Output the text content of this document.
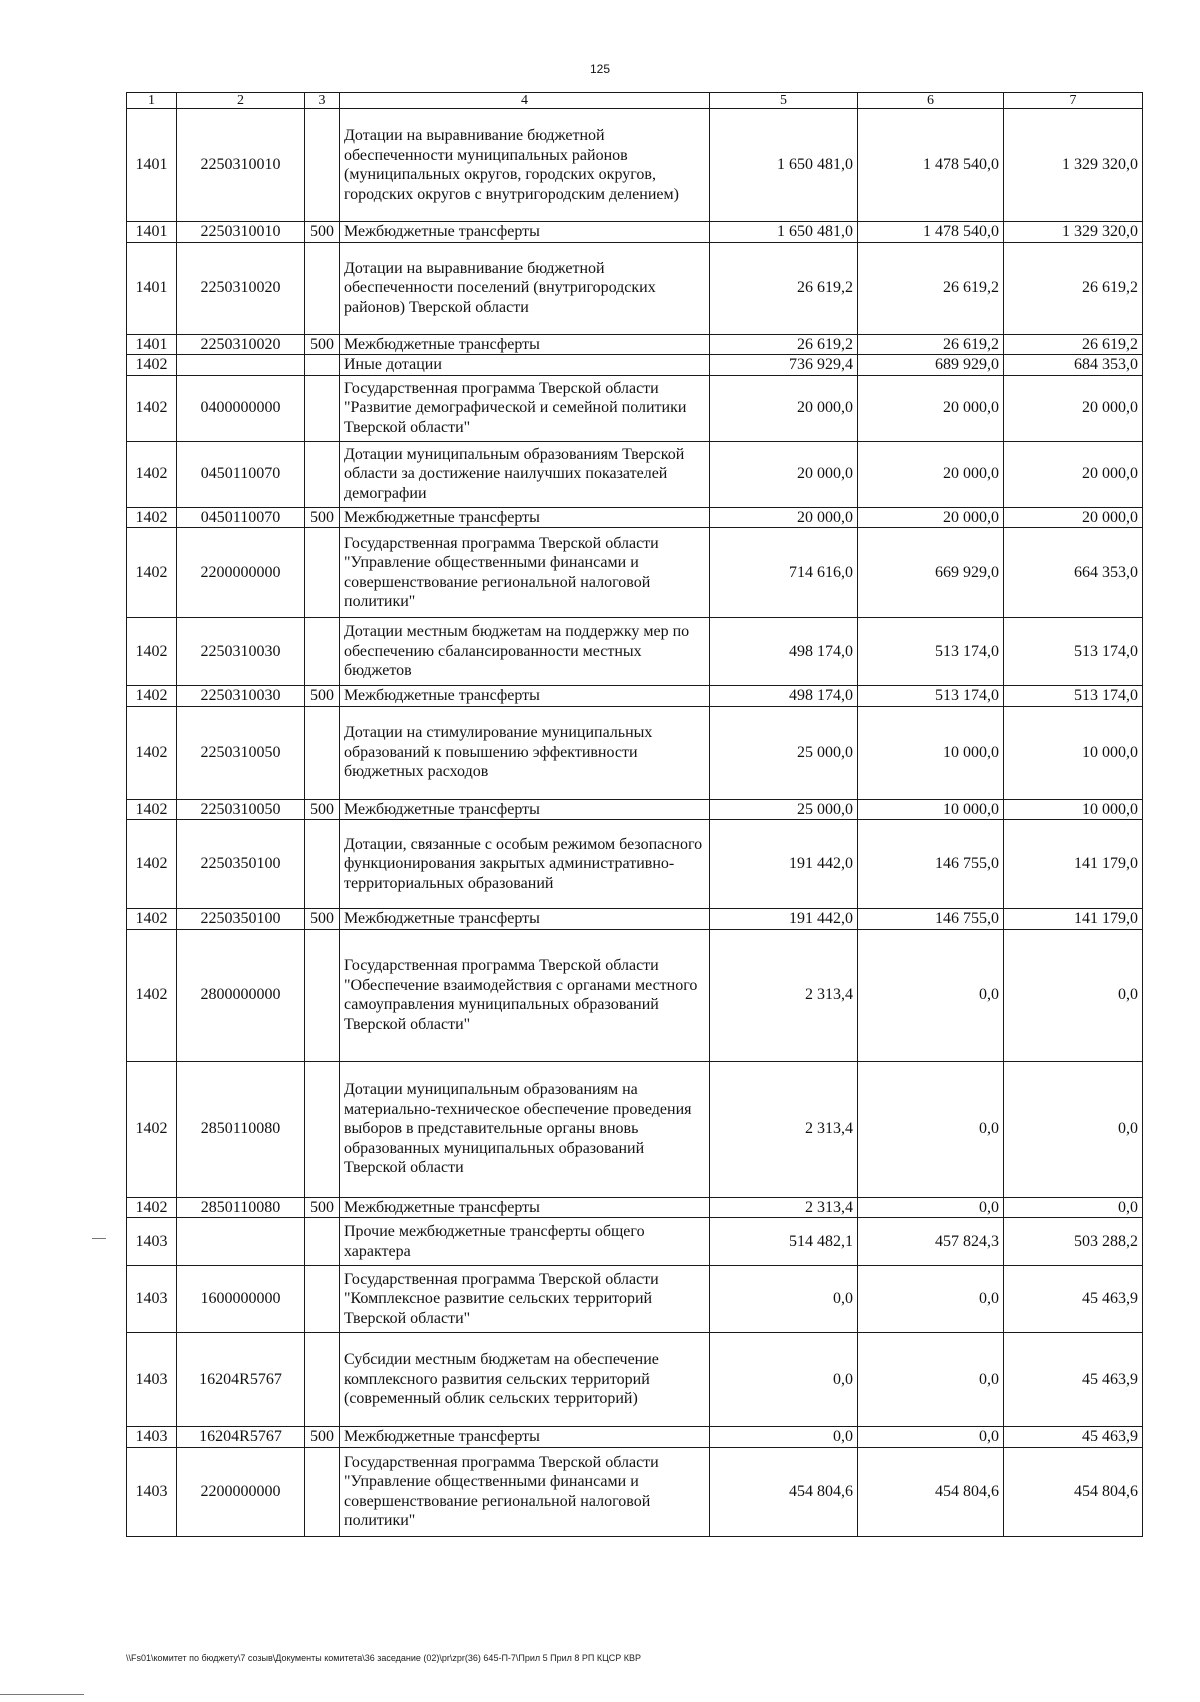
125
1	2	3	4	5	6	7
1401	2250310010		Дотации на выравнивание бюджетной обеспеченности муниципальных районов (муниципальных округов, городских округов, городских округов с внутригородским делением)	1 650 481,0	1 478 540,0	1 329 320,0
1401	2250310010	500	Межбюджетные трансферты	1 650 481,0	1 478 540,0	1 329 320,0
1401	2250310020		Дотации на выравнивание бюджетной обеспеченности поселений (внутригородских районов) Тверской области	26 619,2	26 619,2	26 619,2
1401	2250310020	500	Межбюджетные трансферты	26 619,2	26 619,2	26 619,2
1402			Иные дотации	736 929,4	689 929,0	684 353,0
1402	0400000000		Государственная программа Тверской области "Развитие демографической и семейной политики Тверской области"	20 000,0	20 000,0	20 000,0
1402	0450110070		Дотации муниципальным образованиям Тверской области за достижение наилучших показателей демографии	20 000,0	20 000,0	20 000,0
1402	0450110070	500	Межбюджетные трансферты	20 000,0	20 000,0	20 000,0
1402	2200000000		Государственная программа Тверской области "Управление общественными финансами и совершенствование региональной налоговой политики"	714 616,0	669 929,0	664 353,0
1402	2250310030		Дотации местным бюджетам на поддержку мер по обеспечению сбалансированности местных бюджетов	498 174,0	513 174,0	513 174,0
1402	2250310030	500	Межбюджетные трансферты	498 174,0	513 174,0	513 174,0
1402	2250310050		Дотации на стимулирование муниципальных образований к повышению эффективности бюджетных расходов	25 000,0	10 000,0	10 000,0
1402	2250310050	500	Межбюджетные трансферты	25 000,0	10 000,0	10 000,0
1402	2250350100		Дотации, связанные с особым режимом безопасного функционирования закрытых административно-территориальных образований	191 442,0	146 755,0	141 179,0
1402	2250350100	500	Межбюджетные трансферты	191 442,0	146 755,0	141 179,0
1402	2800000000		Государственная программа Тверской области "Обеспечение взаимодействия с органами местного самоуправления муниципальных образований Тверской области"	2 313,4	0,0	0,0
1402	2850110080		Дотации муниципальным образованиям на материально-техническое обеспечение проведения выборов в представительные органы вновь образованных муниципальных образований Тверской области	2 313,4	0,0	0,0
1402	2850110080	500	Межбюджетные трансферты	2 313,4	0,0	0,0
1403			Прочие межбюджетные трансферты общего характера	514 482,1	457 824,3	503 288,2
1403	1600000000		Государственная программа Тверской области "Комплексное развитие сельских территорий Тверской области"	0,0	0,0	45 463,9
1403	16204R5767		Субсидии местным бюджетам на обеспечение комплексного развития сельских территорий (современный облик сельских территорий)	0,0	0,0	45 463,9
1403	16204R5767	500	Межбюджетные трансферты	0,0	0,0	45 463,9
1403	2200000000		Государственная программа Тверской области "Управление общественными финансами и совершенствование региональной налоговой политики"	454 804,6	454 804,6	454 804,6
\\Fs01\комитет по бюджету\7 созыв\Документы комитета\36 заседание (02)\pr\zpr(36) 645-П-7\Прил 5 Прил 8 РП КЦСР КВР
